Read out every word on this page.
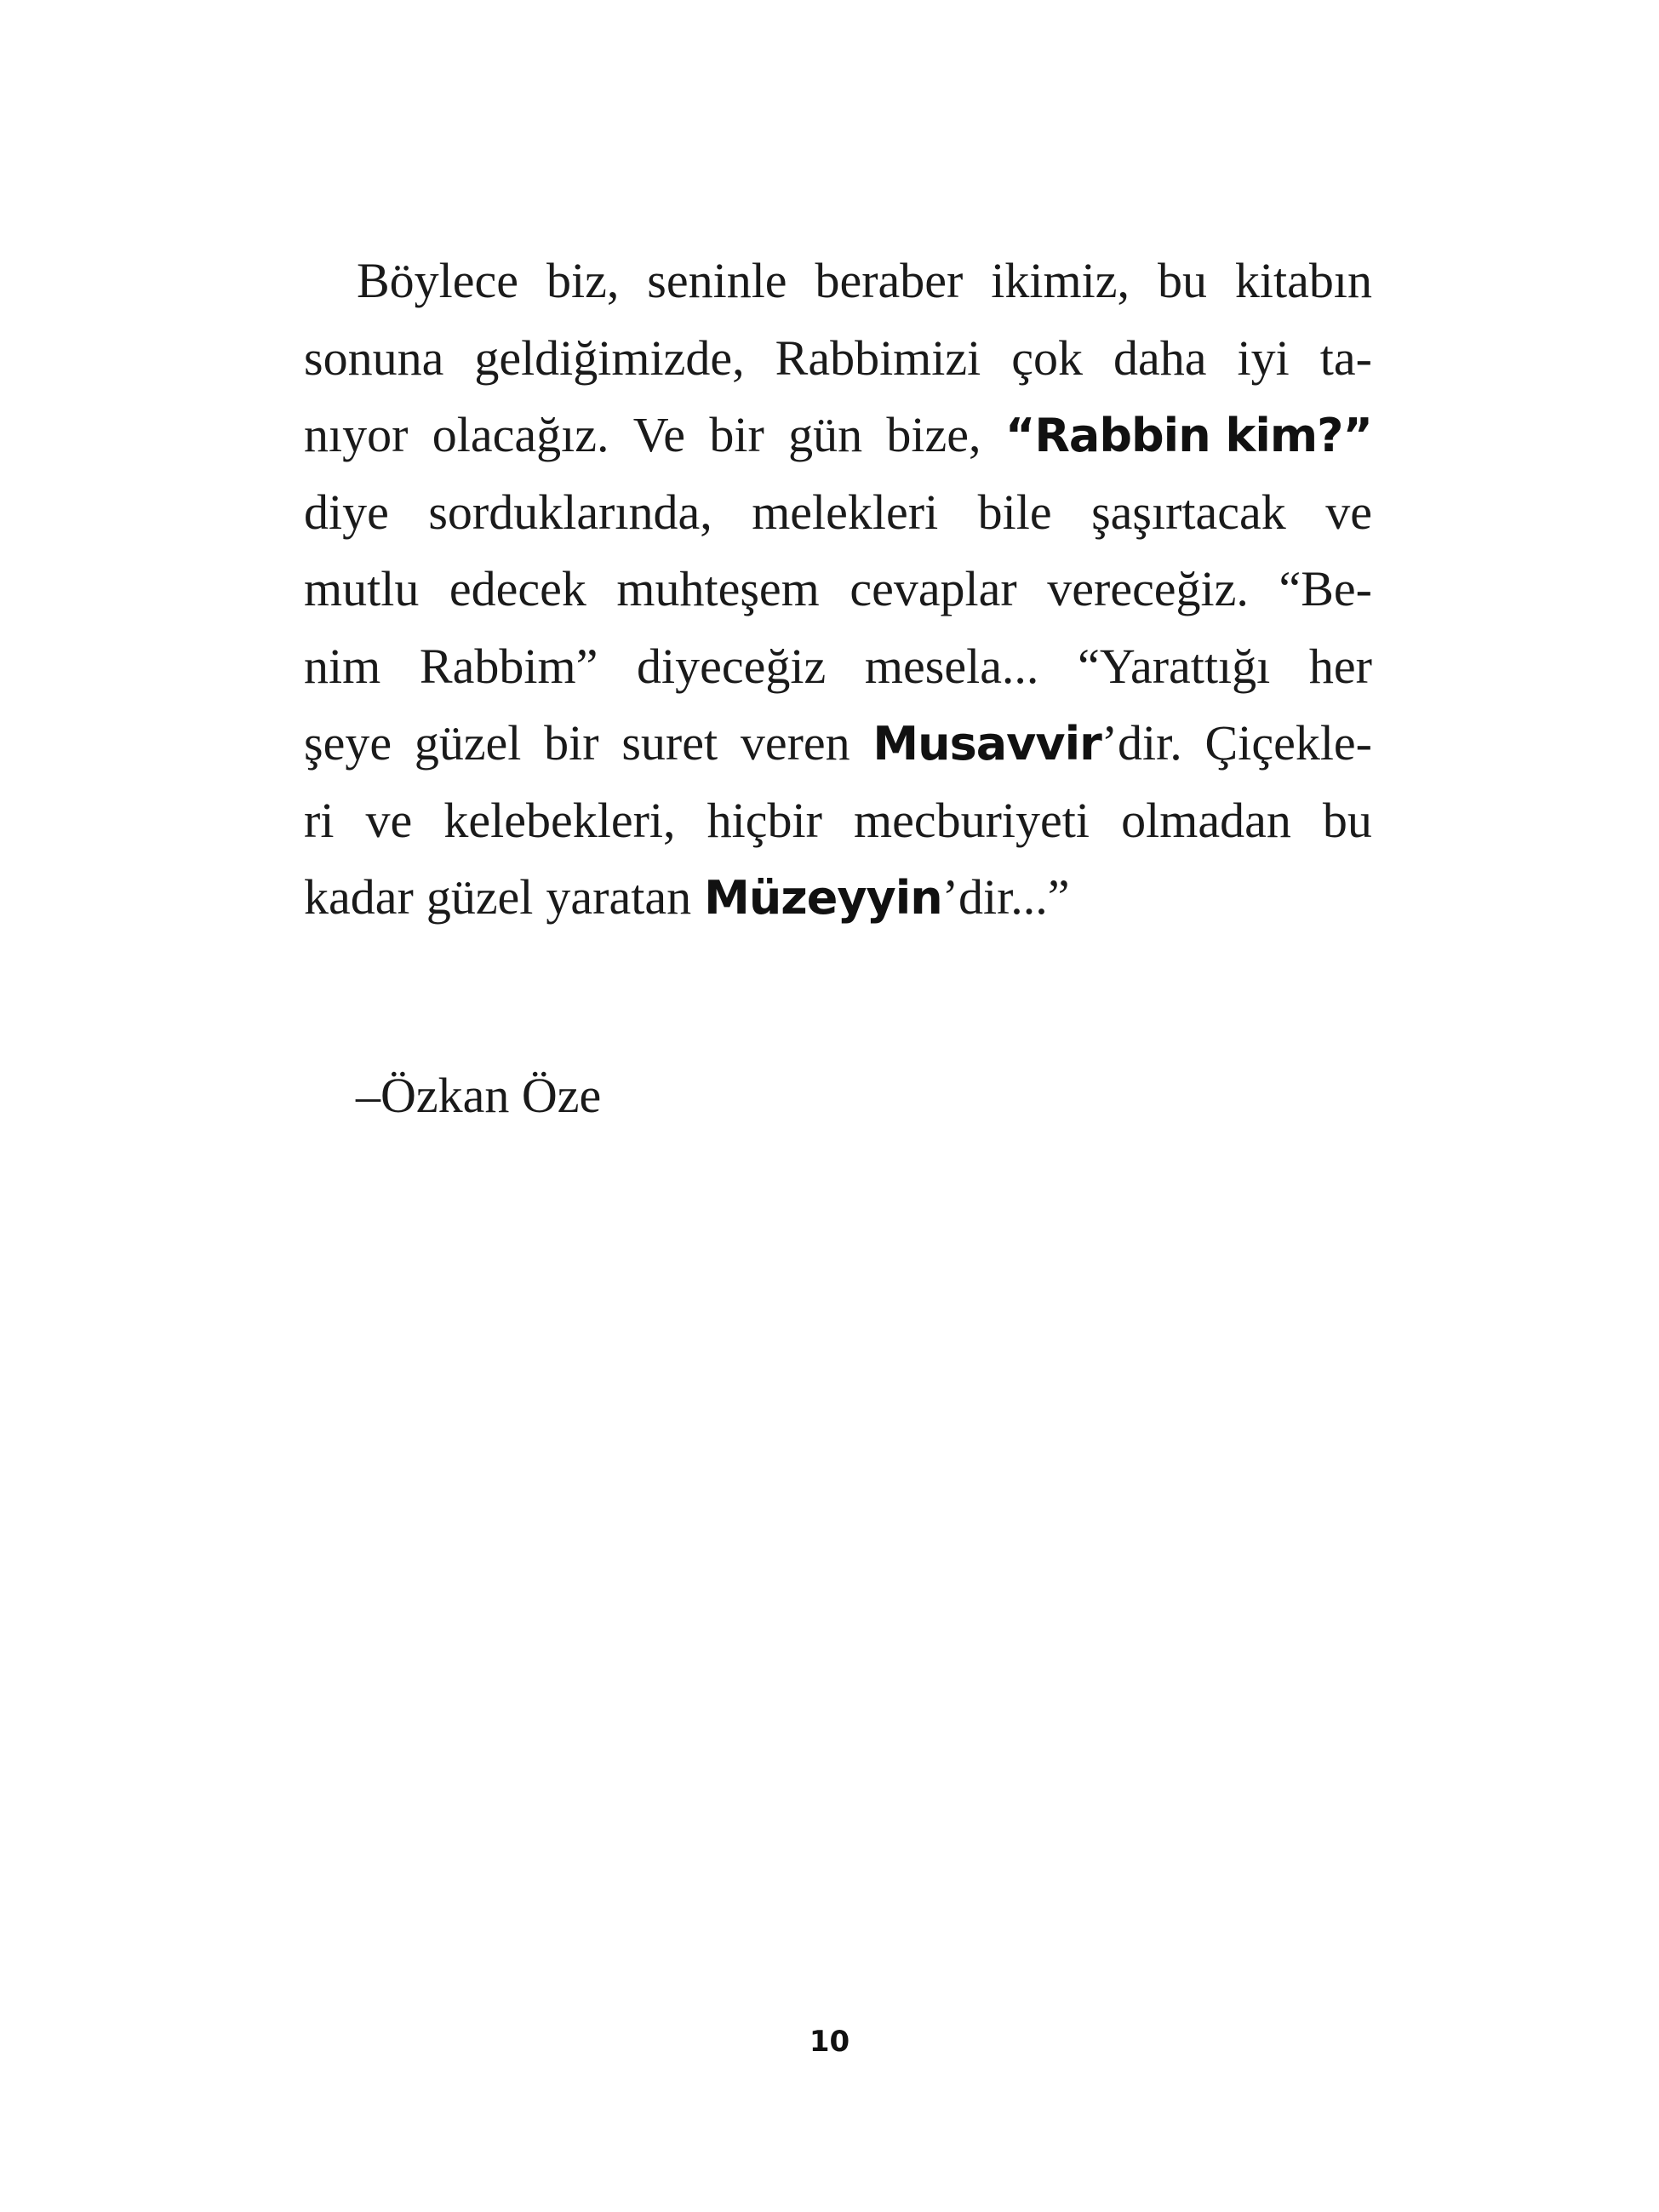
Böylece biz, seninle beraber ikimiz, bu kitabın
sonuna geldiğimizde, Rabbimizi çok daha iyi ta-
nıyor olacağız. Ve bir gün bize, “Rabbin kim?”
diye sorduklarında, melekleri bile şaşırtacak ve
mutlu edecek muhteşem cevaplar vereceğiz. “Be-
nim Rabbim” diyeceğiz mesela... “Yarattığı her
şeye güzel bir suret veren Musavvir’dir. Çiçekle-
ri ve kelebekleri, hiçbir mecburiyeti olmadan bu
kadar güzel yaratan Müzeyyin’dir...”
–Özkan Öze
10
